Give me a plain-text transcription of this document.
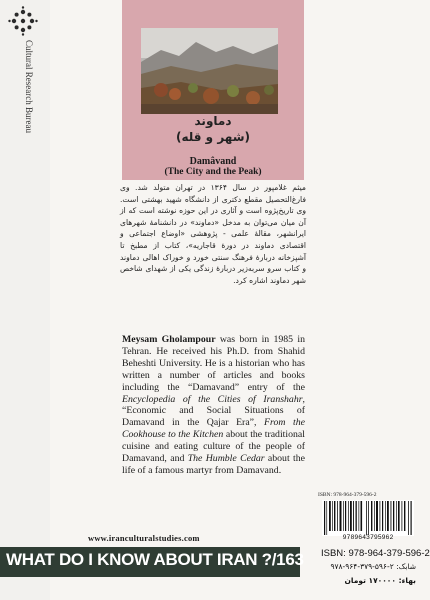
Cultural Research Bureau	دماوند
(شهر و قله)
Damâvand
(The City and the Peak)
میثم غلامپور در سال ۱۳۶۴ در تهران متولد شد. وی فارغ‌التحصیل مقطع دکتری از دانشگاه شهید بهشتی است. وی تاریخ‌پژوه است و آثاری در این حوزه نوشته است که از آن میان می‌توان به مدخل «دماوند» در دانشنامهٔ شهرهای ایرانشهر، مقالهٔ علمی - پژوهشی «اوضاع اجتماعی و اقتصادی دماوند در دورهٔ قاجاریه»، کتاب از مطبخ تا آشپزخانه دربارهٔ فرهنگ سنتی خورد و خوراک اهالی دماوند و کتاب سرو سربه‌زیر دربارهٔ زندگی یکی از شهدای شاخص شهر دماوند اشاره کرد.
Meysam Gholampour was born in 1985 in Tehran. He received his Ph.D. from Shahid Beheshti University. He is a historian who has written a number of articles and books including the “Damavand” entry of the Encyclopedia of the Cities of Iranshahr, “Economic and Social Situations of Damavand in the Qajar Era”, From the Cookhouse to the Kitchen about the traditional cuisine and eating culture of the people of Damavand, and The Humble Cedar about the life of a famous martyr from Damavand.
ISBN: 978-964-379-596-2
9789643795962
www.iranculturalstudies.com
WHAT DO I KNOW ABOUT IRAN ?/163 ISBN: 978-964-379-596-2
شابک: ۲-۵۹۶-۳۷۹-۹۶۴-۹۷۸
بهاء: ۱۷۰۰۰۰ تومان
